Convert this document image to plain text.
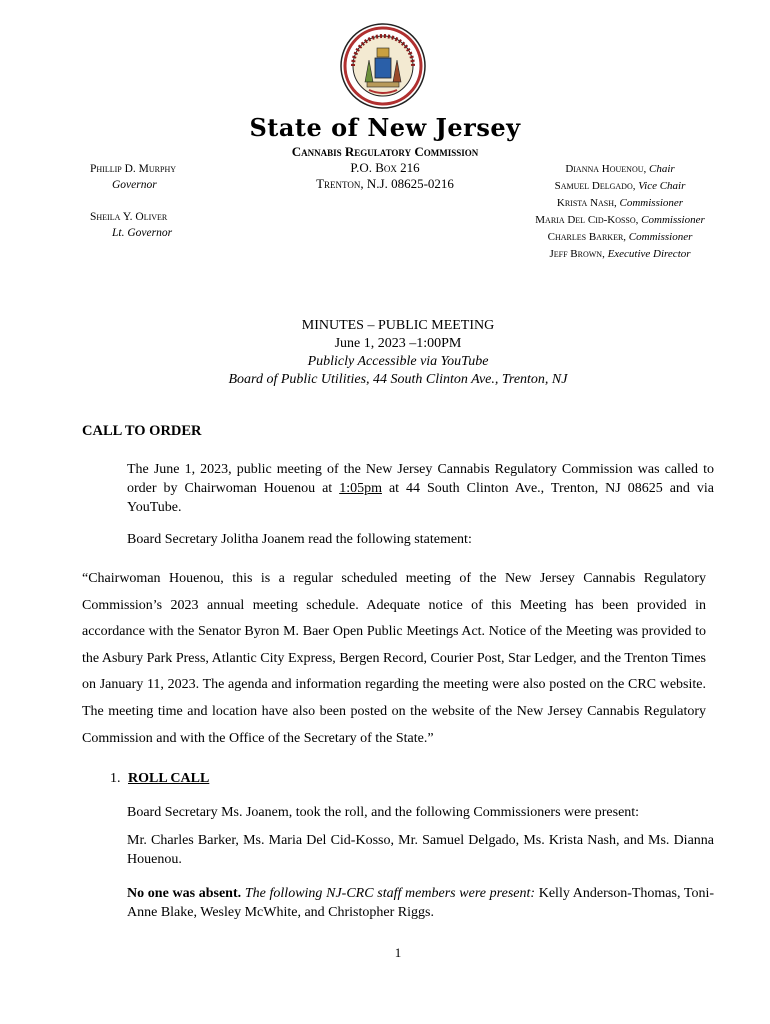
State of New Jersey
Cannabis Regulatory Commission
P.O. Box 216
Trenton, N.J. 08625-0216
Phillip D. Murphy
Governor
Sheila Y. Oliver
Lt. Governor
Dianna Houenou, Chair
Samuel Delgado, Vice Chair
Krista Nash, Commissioner
Maria Del Cid-Kosso, Commissioner
Charles Barker, Commissioner
Jeff Brown, Executive Director
MINUTES – PUBLIC MEETING
June 1, 2023 –1:00PM
Publicly Accessible via YouTube
Board of Public Utilities, 44 South Clinton Ave., Trenton, NJ
CALL TO ORDER
The June 1, 2023, public meeting of the New Jersey Cannabis Regulatory Commission was called to order by Chairwoman Houenou at 1:05pm at 44 South Clinton Ave., Trenton, NJ 08625 and via YouTube.
Board Secretary Jolitha Joanem read the following statement:
“Chairwoman Houenou, this is a regular scheduled meeting of the New Jersey Cannabis Regulatory Commission’s 2023 annual meeting schedule. Adequate notice of this Meeting has been provided in accordance with the Senator Byron M. Baer Open Public Meetings Act. Notice of the Meeting was provided to the Asbury Park Press, Atlantic City Express, Bergen Record, Courier Post, Star Ledger, and the Trenton Times on January 11, 2023. The agenda and information regarding the meeting were also posted on the CRC website. The meeting time and location have also been posted on the website of the New Jersey Cannabis Regulatory Commission and with the Office of the Secretary of the State.”
1. ROLL CALL
Board Secretary Ms. Joanem, took the roll, and the following Commissioners were present:
Mr. Charles Barker, Ms. Maria Del Cid-Kosso, Mr. Samuel Delgado, Ms. Krista Nash, and Ms. Dianna Houenou.
No one was absent. The following NJ-CRC staff members were present: Kelly Anderson-Thomas, Toni-Anne Blake, Wesley McWhite, and Christopher Riggs.
1
